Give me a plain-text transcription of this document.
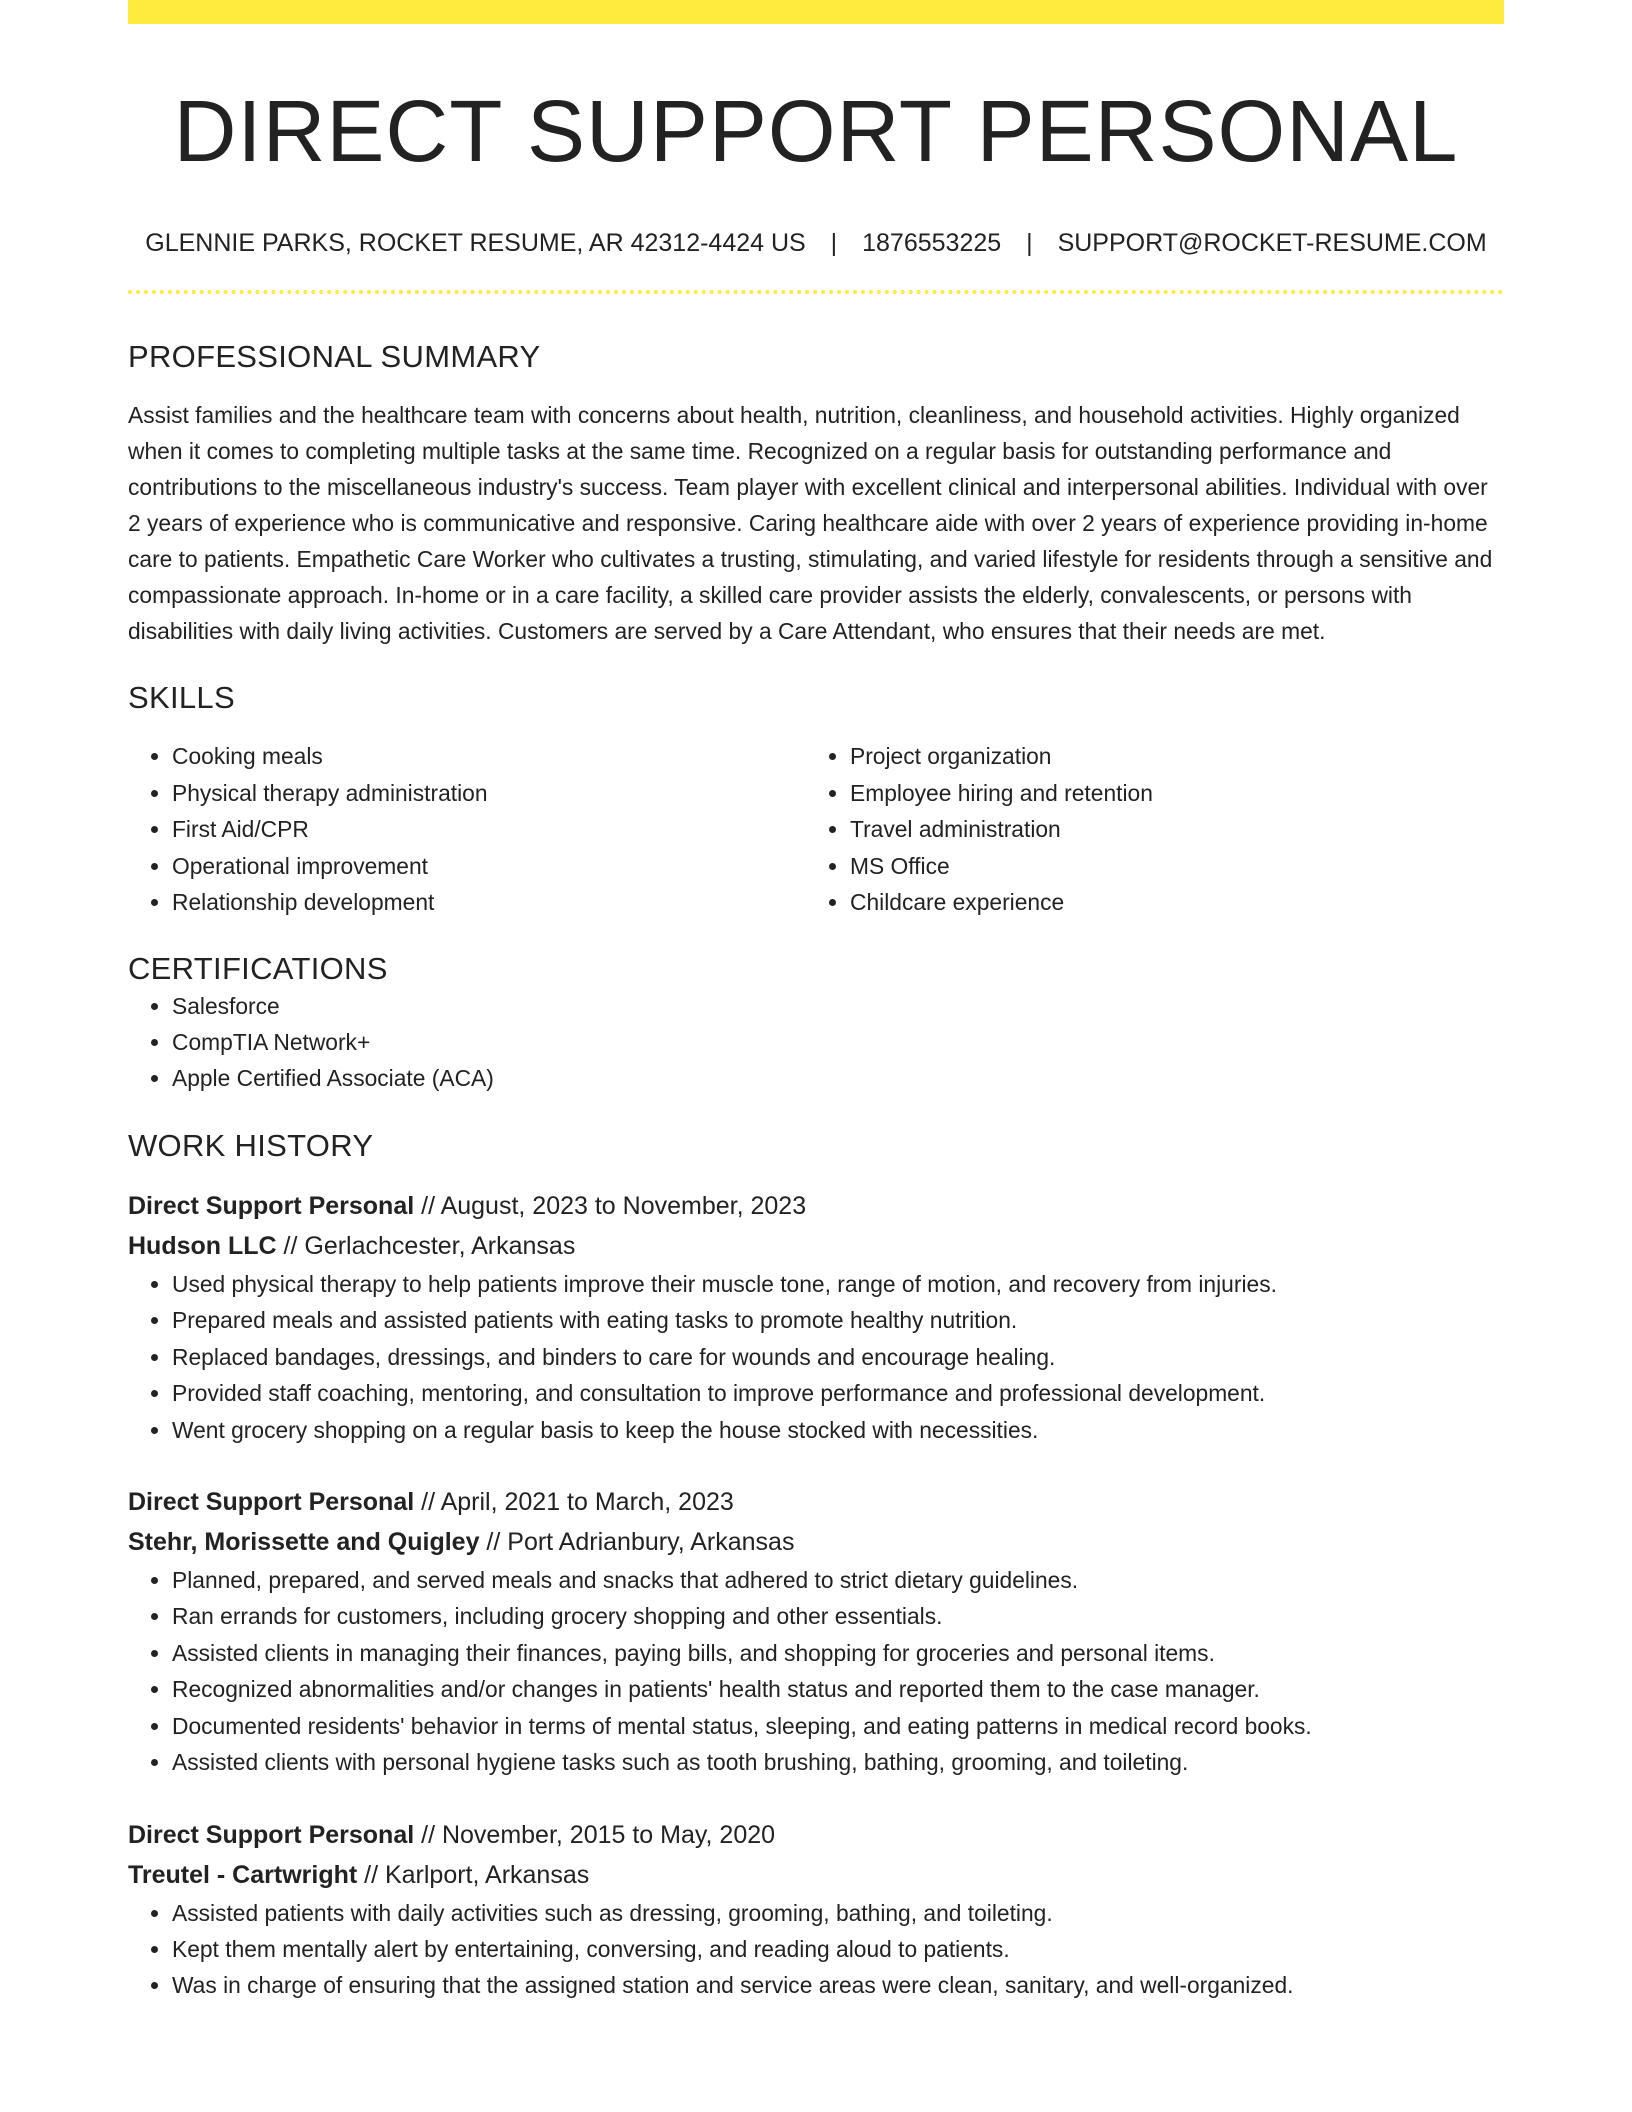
DIRECT SUPPORT PERSONAL
GLENNIE PARKS, ROCKET RESUME, AR 42312-4424 US | 1876553225 | SUPPORT@ROCKET-RESUME.COM
PROFESSIONAL SUMMARY
Assist families and the healthcare team with concerns about health, nutrition, cleanliness, and household activities. Highly organized when it comes to completing multiple tasks at the same time. Recognized on a regular basis for outstanding performance and contributions to the miscellaneous industry's success. Team player with excellent clinical and interpersonal abilities. Individual with over 2 years of experience who is communicative and responsive. Caring healthcare aide with over 2 years of experience providing in-home care to patients. Empathetic Care Worker who cultivates a trusting, stimulating, and varied lifestyle for residents through a sensitive and compassionate approach. In-home or in a care facility, a skilled care provider assists the elderly, convalescents, or persons with disabilities with daily living activities. Customers are served by a Care Attendant, who ensures that their needs are met.
SKILLS
• Cooking meals
• Physical therapy administration
• First Aid/CPR
• Operational improvement
• Relationship development
• Project organization
• Employee hiring and retention
• Travel administration
• MS Office
• Childcare experience
CERTIFICATIONS
• Salesforce
• CompTIA Network+
• Apple Certified Associate (ACA)
WORK HISTORY
Direct Support Personal // August, 2023 to November, 2023
Hudson LLC // Gerlachcester, Arkansas
• Used physical therapy to help patients improve their muscle tone, range of motion, and recovery from injuries.
• Prepared meals and assisted patients with eating tasks to promote healthy nutrition.
• Replaced bandages, dressings, and binders to care for wounds and encourage healing.
• Provided staff coaching, mentoring, and consultation to improve performance and professional development.
• Went grocery shopping on a regular basis to keep the house stocked with necessities.
Direct Support Personal // April, 2021 to March, 2023
Stehr, Morissette and Quigley // Port Adrianbury, Arkansas
• Planned, prepared, and served meals and snacks that adhered to strict dietary guidelines.
• Ran errands for customers, including grocery shopping and other essentials.
• Assisted clients in managing their finances, paying bills, and shopping for groceries and personal items.
• Recognized abnormalities and/or changes in patients' health status and reported them to the case manager.
• Documented residents' behavior in terms of mental status, sleeping, and eating patterns in medical record books.
• Assisted clients with personal hygiene tasks such as tooth brushing, bathing, grooming, and toileting.
Direct Support Personal // November, 2015 to May, 2020
Treutel - Cartwright // Karlport, Arkansas
• Assisted patients with daily activities such as dressing, grooming, bathing, and toileting.
• Kept them mentally alert by entertaining, conversing, and reading aloud to patients.
• Was in charge of ensuring that the assigned station and service areas were clean, sanitary, and well-organized.
